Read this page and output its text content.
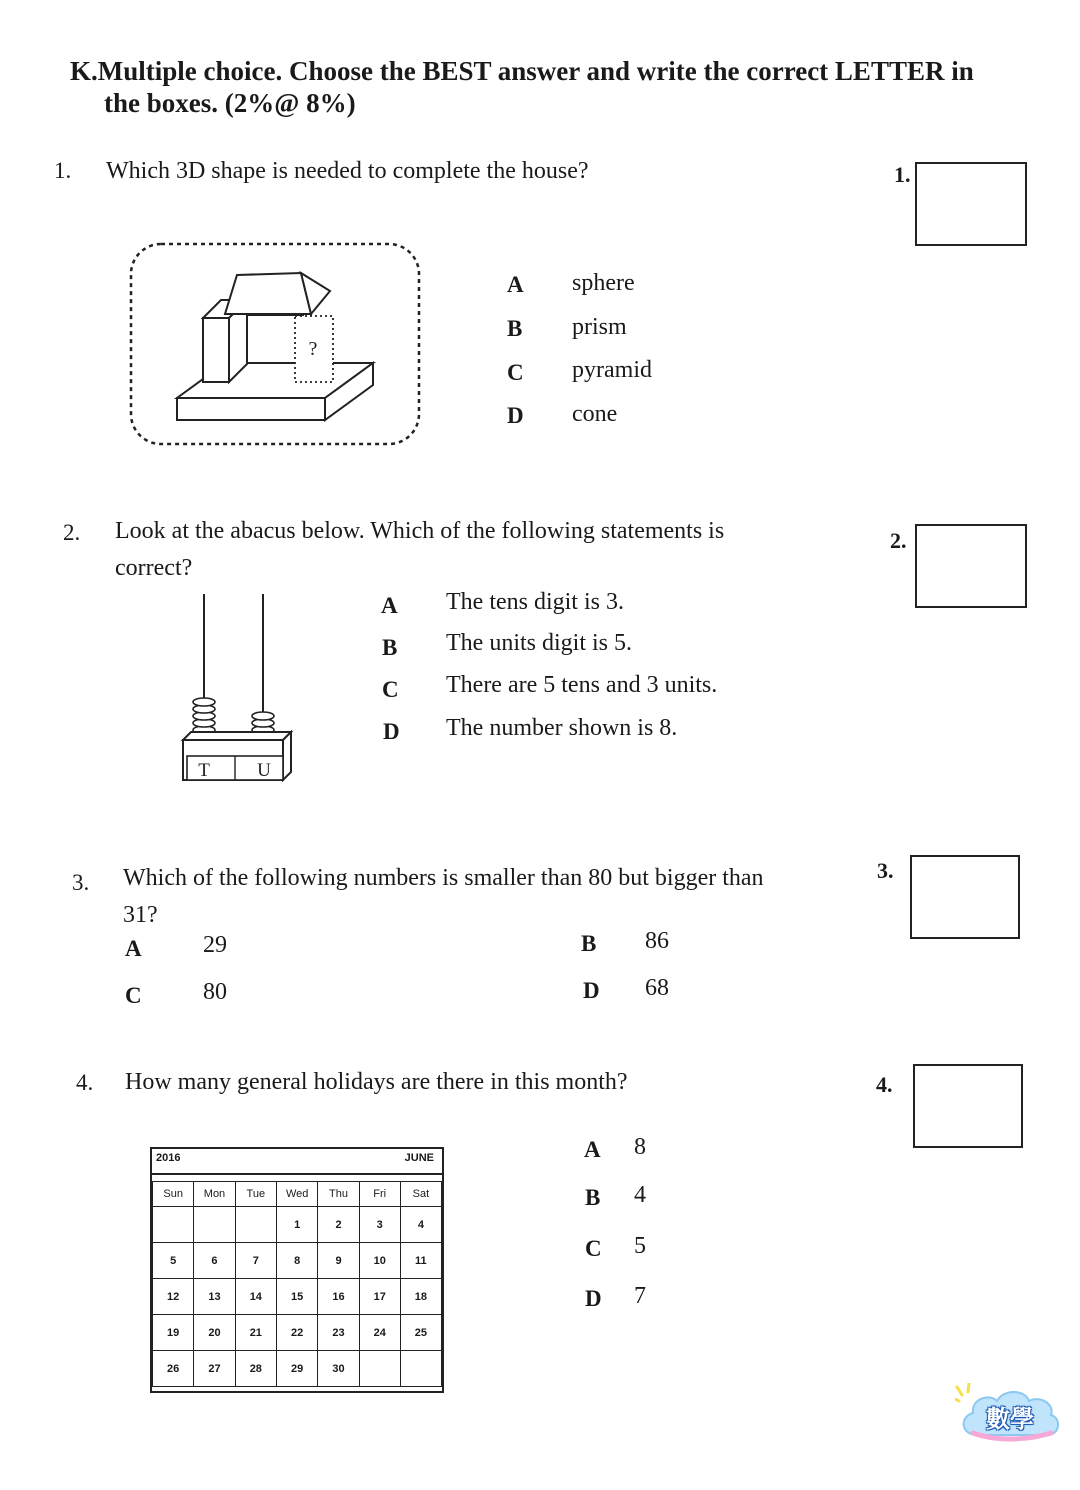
K.Multiple choice. Choose the BEST answer and write the correct LETTER in
the boxes. (2%@ 8%)
1. Which 3D shape is needed to complete the house?	1.
?
A sphere
B prism
C pyramid
D cone
2. Look at the abacus below. Which of the following statements is
correct?
2.
T U
A The tens digit is 3.
B The units digit is 5.
C There are 5 tens and 3 units.
D The number shown is 8.
3. Which of the following numbers is smaller than 80 but bigger than
31?
3.
A	29	B 86
C	80	D 68
4. How many general holidays are there in this month?	4.
2016	JUNE
Sun	Mon	Tue	Wed	Thu	Fri	Sat
			1	2	3	4
5	6	7	8	9	10	11
12	13	14	15	16	17	18
19	20	21	22	23	24	25
26	27	28	29	30		
A 8
B 4
C 5
D 7
數學
